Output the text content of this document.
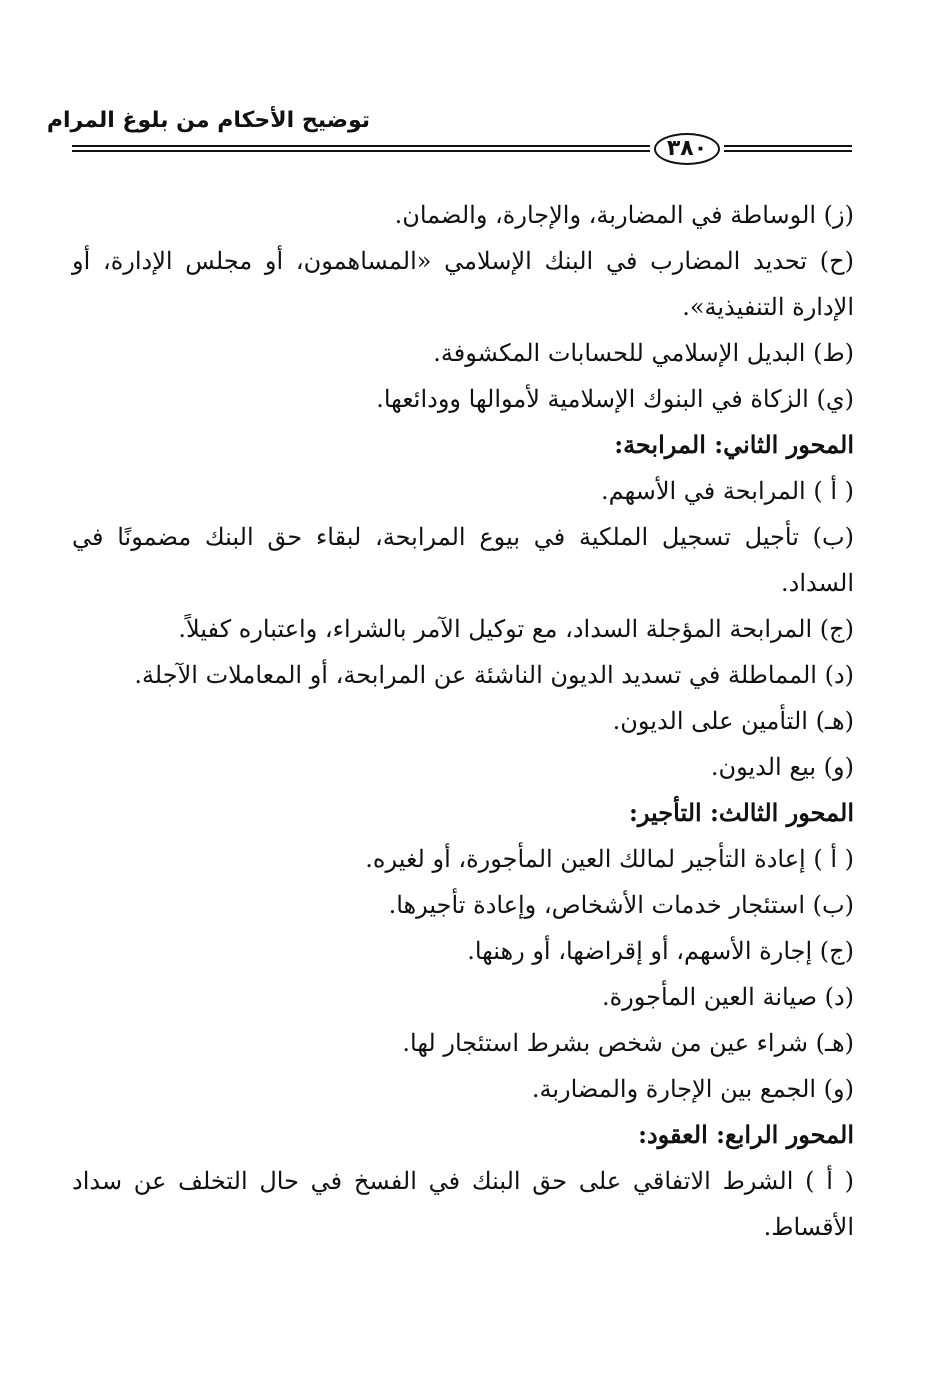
توضيح الأحكام من بلوغ المرام
٣٨٠
(ز) الوساطة في المضاربة، والإجارة، والضمان.
(ح) تحديد المضارب في البنك الإسلامي «المساهمون، أو مجلس الإدارة، أو
الإدارة التنفيذية».
(ط) البديل الإسلامي للحسابات المكشوفة.
(ي) الزكاة في البنوك الإسلامية لأموالها وودائعها.
المحور الثاني: المرابحة:
( أ ) المرابحة في الأسهم.
(ب) تأجيل تسجيل الملكية في بيوع المرابحة، لبقاء حق البنك مضمونًا في
السداد.
(ج) المرابحة المؤجلة السداد، مع توكيل الآمر بالشراء، واعتباره كفيلاً.
(د) المماطلة في تسديد الديون الناشئة عن المرابحة، أو المعاملات الآجلة.
(هـ) التأمين على الديون.
(و) بيع الديون.
المحور الثالث: التأجير:
( أ ) إعادة التأجير لمالك العين المأجورة، أو لغيره.
(ب) استئجار خدمات الأشخاص، وإعادة تأجيرها.
(ج) إجارة الأسهم، أو إقراضها، أو رهنها.
(د) صيانة العين المأجورة.
(هـ) شراء عين من شخص بشرط استئجار لها.
(و) الجمع بين الإجارة والمضاربة.
المحور الرابع: العقود:
( أ ) الشرط الاتفاقي على حق البنك في الفسخ في حال التخلف عن سداد
الأقساط.
